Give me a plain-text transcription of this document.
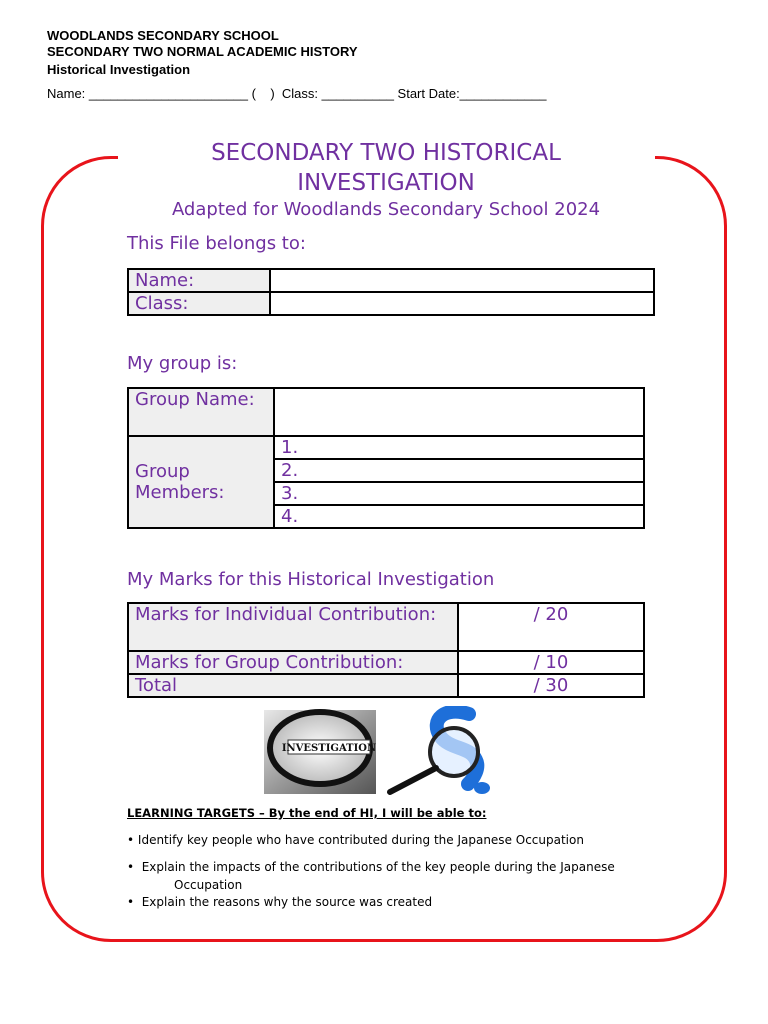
WOODLANDS SECONDARY SCHOOL
SECONDARY TWO NORMAL ACADEMIC HISTORY
Historical Investigation
Name: ______________________ (    )  Class: __________ Start Date:____________
SECONDARY TWO HISTORICAL
INVESTIGATION
Adapted for Woodlands Secondary School 2024
This File belongs to:
Name:	
Class:	
My group is:
Group Name:	
Group Members:	1.
	2.
	3.
	4.
My Marks for this Historical Investigation
Marks for Individual Contribution:	/ 20
Marks for Group Contribution:	/ 10
Total	/ 30
INVESTIGATION
LEARNING TARGETS – By the end of HI, I will be able to:
• Identify key people who have contributed during the Japanese Occupation
•  Explain the impacts of the contributions of the key people during the Japanese
Occupation
•  Explain the reasons why the source was created
